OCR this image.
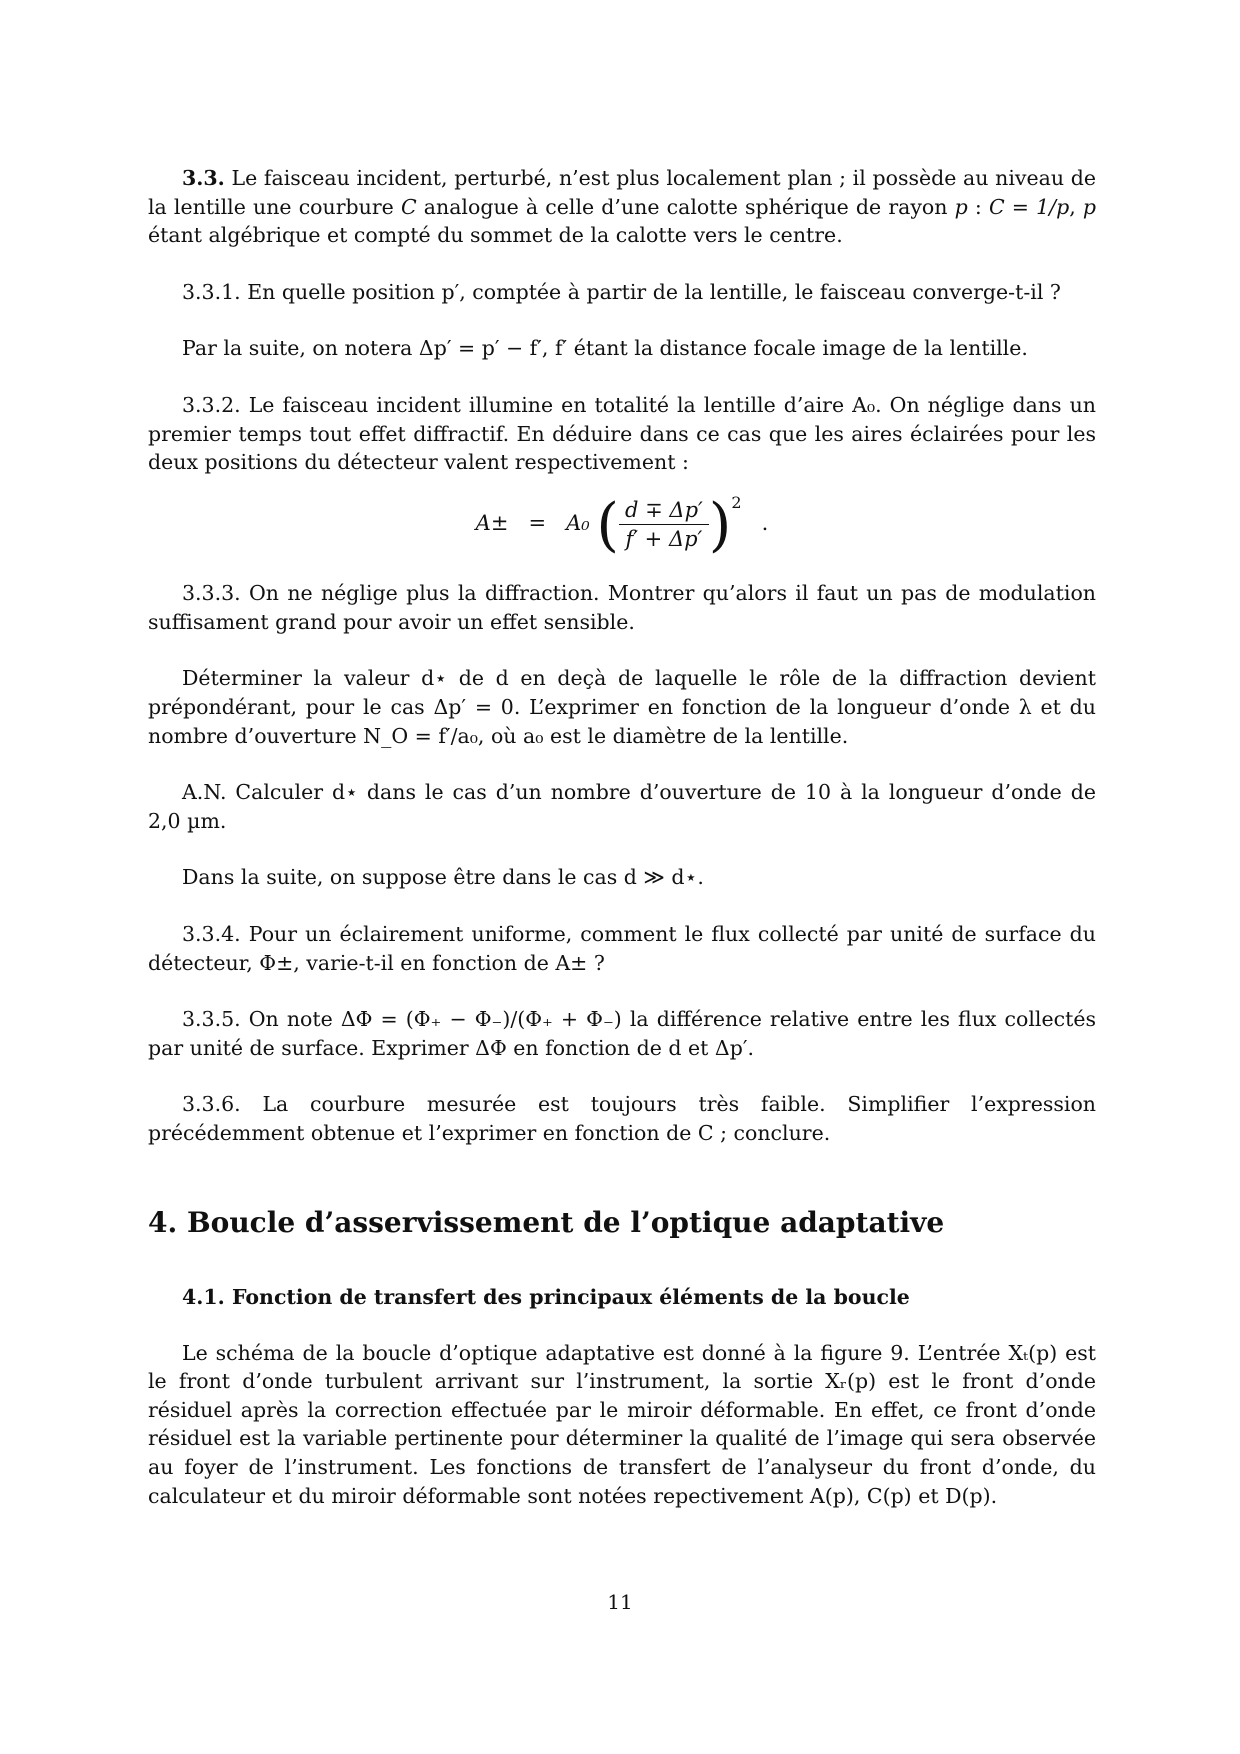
3.3. Le faisceau incident, perturbé, n’est plus localement plan ; il possède au niveau de la lentille une courbure C analogue à celle d’une calotte sphérique de rayon p : C = 1/p, p étant algébrique et compté du sommet de la calotte vers le centre.

3.3.1. En quelle position p′, comptée à partir de la lentille, le faisceau converge-t-il ?

Par la suite, on notera Δp′ = p′ − f′, f′ étant la distance focale image de la lentille.

3.3.2. Le faisceau incident illumine en totalité la lentille d’aire A₀. On néglige dans un premier temps tout effet diffractif. En déduire dans ce cas que les aires éclairées pour les deux positions du détecteur valent respectivement :

A± = A₀ ( $\frac{d \mp \Delta p'}{f' + \Delta p'} )^2$   .

3.3.3. On ne néglige plus la diffraction. Montrer qu’alors il faut un pas de modulation suffisament grand pour avoir un effet sensible.

Déterminer la valeur d⋆ de d en deçà de laquelle le rôle de la diffraction devient prépondérant, pour le cas Δp′ = 0. L’exprimer en fonction de la longueur d’onde λ et du nombre d’ouverture N_O = f′/a₀, où a₀ est le diamètre de la lentille.

A.N. Calculer d⋆ dans le cas d’un nombre d’ouverture de 10 à la longueur d’onde de 2,0 µm.

Dans la suite, on suppose être dans le cas d ≫ d⋆.

3.3.4. Pour un éclairement uniforme, comment le flux collecté par unité de surface du détecteur, Φ±, varie-t-il en fonction de A± ?

3.3.5. On note ΔΦ = (Φ₊ − Φ₋)/(Φ₊ + Φ₋) la différence relative entre les flux collectés par unité de surface. Exprimer ΔΦ en fonction de d et Δp′.

3.3.6. La courbure mesurée est toujours très faible. Simplifier l’expression précédemment obtenue et l’exprimer en fonction de C ; conclure.

4. Boucle d’asservissement de l’optique adaptative
4.1. Fonction de transfert des principaux éléments de la boucle

Le schéma de la boucle d’optique adaptative est donné à la figure 9. L’entrée Xₜ(p) est le front d’onde turbulent arrivant sur l’instrument, la sortie Xᵣ(p) est le front d’onde résiduel après la correction effectuée par le miroir déformable. En effet, ce front d’onde résiduel est la variable pertinente pour déterminer la qualité de l’image qui sera observée au foyer de l’instrument. Les fonctions de transfert de l’analyseur du front d’onde, du calculateur et du miroir déformable sont notées repectivement A(p), C(p) et D(p).

11
